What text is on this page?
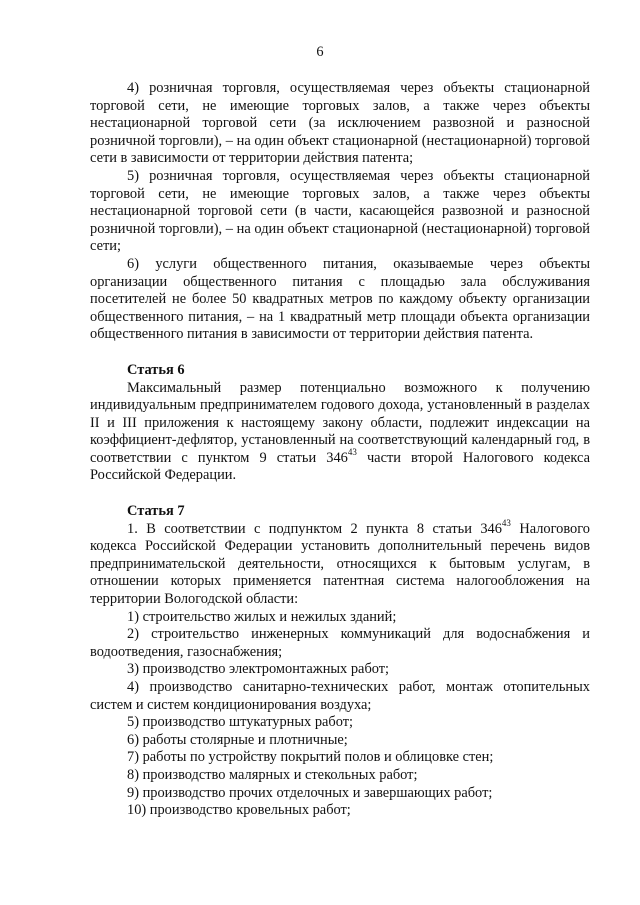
6

4) розничная торговля, осуществляемая через объекты стационарной торговой сети, не имеющие торговых залов, а также через объекты нестационарной торговой сети (за исключением развозной и разносной розничной торговли), – на один объект стационарной (нестационарной) торговой сети в зависимости от территории действия патента;

5) розничная торговля, осуществляемая через объекты стационарной торговой сети, не имеющие торговых залов, а также через объекты нестационарной торговой сети (в части, касающейся развозной и разносной розничной торговли), – на один объект стационарной (нестационарной) торговой сети;

6) услуги общественного питания, оказываемые через объекты организации общественного питания с площадью зала обслуживания посетителей не более 50 квадратных метров по каждому объекту организации общественного питания, – на 1 квадратный метр площади объекта организации общественного питания в зависимости от территории действия патента.

Статья 6

Максимальный размер потенциально возможного к получению индивидуальным предпринимателем годового дохода, установленный в разделах II и III приложения к настоящему закону области, подлежит индексации на коэффициент-дефлятор, установленный на соответствующий календарный год, в соответствии с пунктом 9 статьи $346^{43}$ части второй Налогового кодекса Российской Федерации.

Статья 7

1. В соответствии с подпунктом 2 пункта 8 статьи $346^{43}$ Налогового кодекса Российской Федерации установить дополнительный перечень видов предпринимательской деятельности, относящихся к бытовым услугам, в отношении которых применяется патентная система налогообложения на территории Вологодской области:

1) строительство жилых и нежилых зданий;

2) строительство инженерных коммуникаций для водоснабжения и водоотведения, газоснабжения;

3) производство электромонтажных работ;

4) производство санитарно-технических работ, монтаж отопительных систем и систем кондиционирования воздуха;

5) производство штукатурных работ;

6) работы столярные и плотничные;

7) работы по устройству покрытий полов и облицовке стен;

8) производство малярных и стекольных работ;

9) производство прочих отделочных и завершающих работ;

10) производство кровельных работ;
